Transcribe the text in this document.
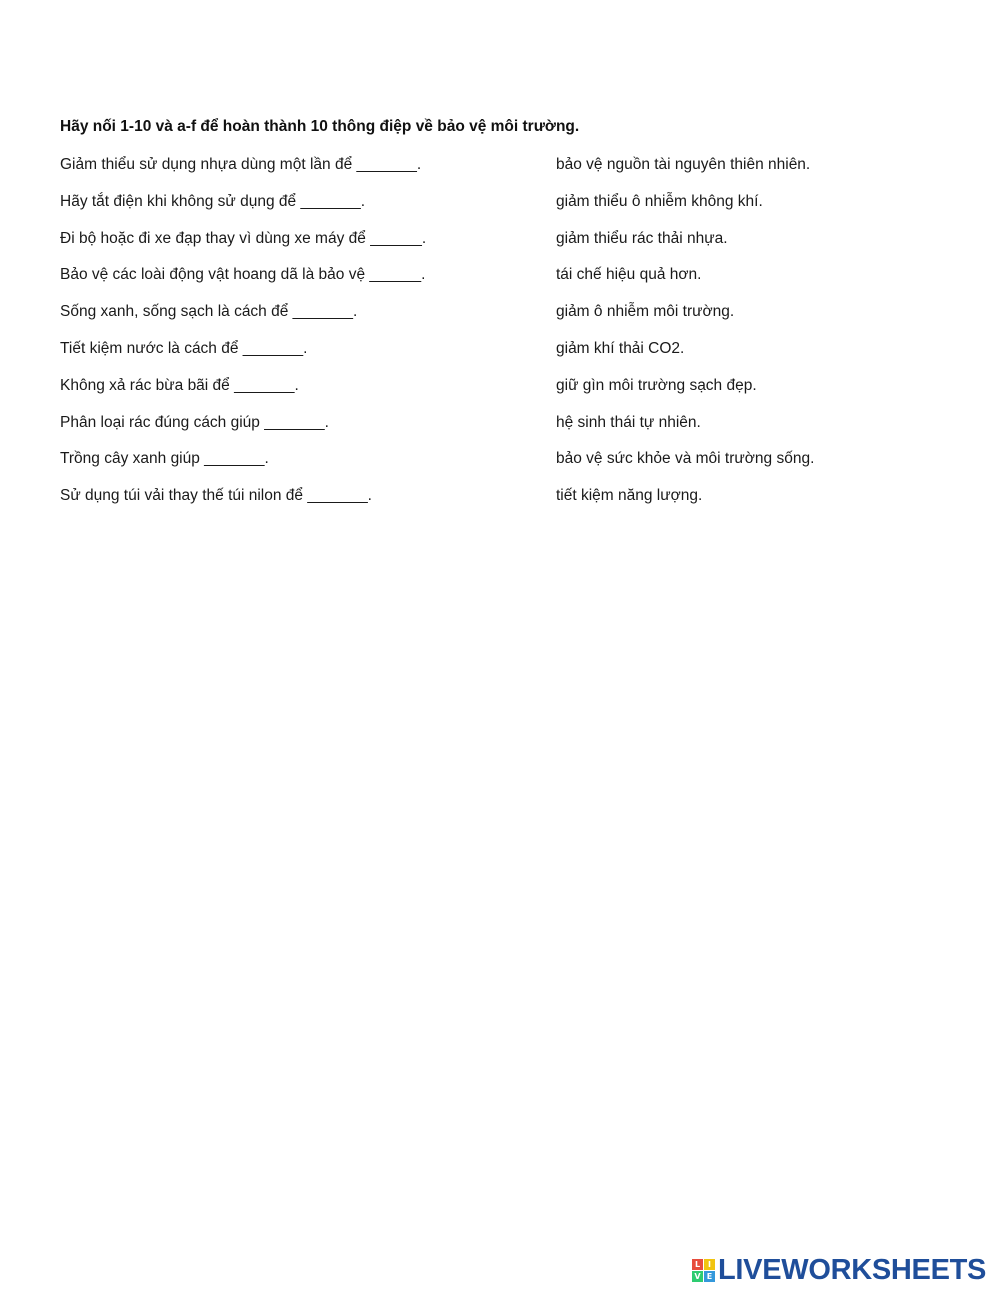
Hãy nối 1-10 và a-f để hoàn thành 10 thông điệp về bảo vệ môi trường.
Giảm thiểu sử dụng nhựa dùng một lần để _______.	bảo vệ nguồn tài nguyên thiên nhiên.
Hãy tắt điện khi không sử dụng để _______.	giảm thiểu ô nhiễm không khí.
Đi bộ hoặc đi xe đạp thay vì dùng xe máy để ______.	giảm thiểu rác thải nhựa.
Bảo vệ các loài động vật hoang dã là bảo vệ ______.	tái chế hiệu quả hơn.
Sống xanh, sống sạch là cách để _______.	giảm ô nhiễm môi trường.
Tiết kiệm nước là cách để _______.	giảm khí thải CO2.
Không xả rác bừa bãi để _______.	giữ gìn môi trường sạch đẹp.
Phân loại rác đúng cách giúp _______.	hệ sinh thái tự nhiên.
Trồng cây xanh giúp _______.	bảo vệ sức khỏe và môi trường sống.
Sử dụng túi vải thay thế túi nilon để _______.	tiết kiệm năng lượng.
L I
V E LIVEWORKSHEETS
